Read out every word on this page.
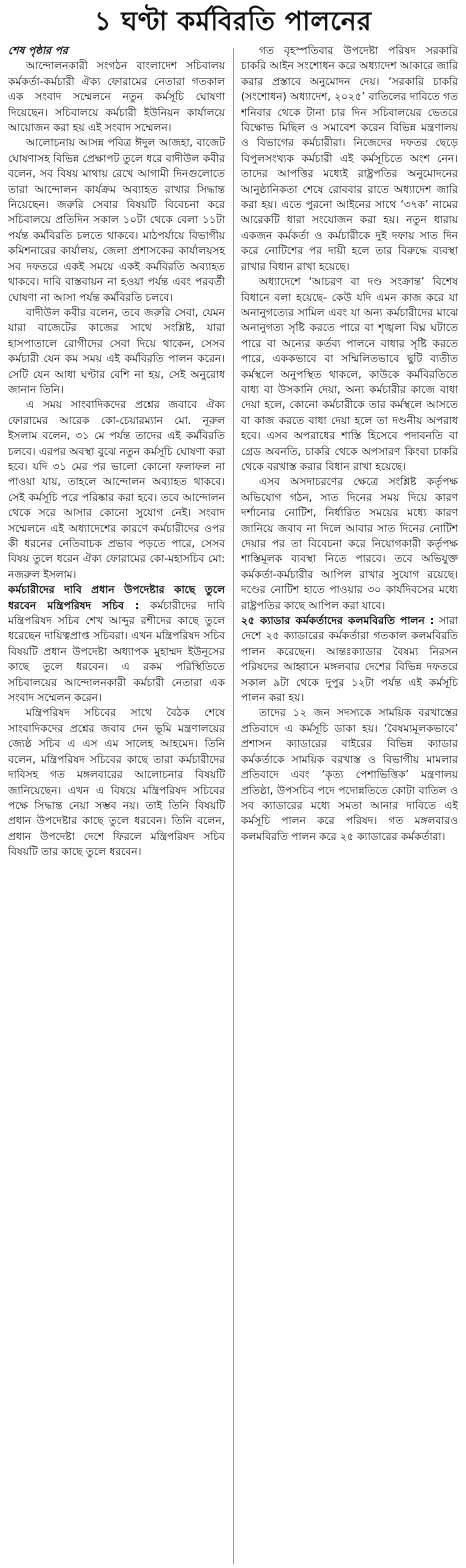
১ ঘণ্টা কর্মবিরতি পালনের
শেষ পৃষ্ঠার পর

আন্দোলনকারী সংগঠন বাংলাদেশ সচিবালয় কর্মকর্তা-কর্মচারী ঐক্য ফোরামের নেতারা গতকাল এক সংবাদ সম্মেলনে নতুন কর্মসূচি ঘোষণা দিয়েছেন। সচিবালয়ে কর্মচারী ইউনিয়ন কার্যালয়ে আয়োজন করা হয় এই সংবাদ সম্মেলন।

আলোচনায় আসন্ন পবিত্র ঈদুল আজহা, বাজেট ঘোষণাসহ বিভিন্ন প্রেক্ষাপট তুলে ধরে বাদীউল কবীর বলেন, সব বিষয় মাথায় রেখে আগামী দিনগুলোতে তারা আন্দোলন কার্যক্রম অব্যাহত রাখার সিদ্ধান্ত নিয়েছেন। জরুরি সেবার বিষয়টি বিবেচনা করে সচিবালয়ে প্রতিদিন সকাল ১০টা থেকে বেলা ১১টা পর্যন্ত কর্মবিরতি চলতে থাকবে। মাঠপর্যায়ে বিভাগীয় কমিশনারের কার্যালয়, জেলা প্রশাসকের কার্যালয়সহ সব দফতরে একই সময়ে একই কর্মবিরতি অব্যাহত থাকবে। দাবি বাস্তবায়ন না হওয়া পর্যন্ত এবং পরবর্তী ঘোষণা না আসা পর্যন্ত কর্মবিরতি চলবে।

বাদীউল কবীর বলেন, তবে জরুরি সেবা, যেমন যারা বাজেটের কাজের সাথে সংশ্লিষ্ট, যারা হাসপাতালে রোগীদের সেবা দিয়ে থাকেন, সেসব কর্মচারী যেন কম সময় এই কর্মবিরতি পালন করেন। সেটি যেন আধা ঘণ্টার বেশি না হয়, সেই অনুরোধ জানান তিনি।

এ সময় সাংবাদিকদের প্রশ্নের জবাবে ঐক্য ফোরামের আরেক কো-চেয়ারম্যান মো. নূরুল ইসলাম বলেন, ৩১ মে পর্যন্ত তাদের এই কর্মবিরতি চলবে। এরপর অবস্থা বুঝে নতুন কর্মসূচি ঘোষণা করা হবে। যদি ৩১ মের পর ভালো কোনো ফলাফল না পাওয়া যায়, তাহলে আন্দোলন অব্যাহত থাকবে। সেই কর্মসূচি পরে পরিষ্কার করা হবে। তবে আন্দোলন থেকে সরে আসার কোনো সুযোগ নেই। সংবাদ সম্মেলনে এই অধ্যাদেশের কারণে কর্মচারীদের ওপর কী ধরনের নেতিবাচক প্রভাব পড়তে পারে, সেসব বিষয় তুলে ধরেন ঐক্য ফোরামের কো-মহাসচিব মো: নজরুল ইসলাম।

কর্মচারীদের দাবি প্রধান উপদেষ্টার কাছে তুলে ধরবেন মন্ত্রিপরিষদ সচিব : কর্মচারীদের দাবি মন্ত্রিপরিষদ সচিব শেখ আব্দুর রশীদের কাছে তুলে ধরেছেন দায়িত্বপ্রাপ্ত সচিবরা। এখন মন্ত্রিপরিষদ সচিব বিষয়টি প্রধান উপদেষ্টা অধ্যাপক মুহাম্মদ ইউনূসের কাছে তুলে ধরবেন। এ রকম পরিস্থিতিতে সচিবালয়ের আন্দোলনকারী কর্মচারী নেতারা এক সংবাদ সম্মেলন করেন।

মন্ত্রিপরিষদ সচিবের সাথে বৈঠক শেষে সাংবাদিকদের প্রশ্নের জবাব দেন ভূমি মন্ত্রণালয়ের জ্যেষ্ঠ সচিব এ এস এম সালেহ আহমেদ। তিনি বলেন, মন্ত্রিপরিষদ সচিবের কাছে তারা কর্মচারীদের দাবিসহ গত মঙ্গলবারের আলোচনার বিষয়টি জানিয়েছেন। এখন এ বিষয়ে মন্ত্রিপরিষদ সচিবের পক্ষে সিদ্ধান্ত নেয়া সম্ভব নয়। তাই তিনি বিষয়টি প্রধান উপদেষ্টার কাছে তুলে ধরবেন। তিনি বলেন, প্রধান উপদেষ্টা দেশে ফিরলে মন্ত্রিপরিষদ সচিব বিষয়টি তার কাছে তুলে ধরবেন।

গত বৃহস্পতিবার উপদেষ্টা পরিষদ সরকারি চাকরি আইন সংশোধন করে অধ্যাদেশ আকারে জারি করার প্রস্তাবে অনুমোদন দেয়। ‘সরকারি চাকরি (সংশোধন) অধ্যাদেশ, ২০২৫’ বাতিলের দাবিতে গত শনিবার থেকে টানা চার দিন সচিবালয়ের ভেতরে বিক্ষোভ মিছিল ও সমাবেশ করেন বিভিন্ন মন্ত্রণালয় ও বিভাগের কর্মচারীরা। নিজেদের দফতর ছেড়ে বিপুলসংখ্যক কর্মচারী এই কর্মসূচিতে অংশ নেন। তাদের আপত্তির মধ্যেই রাষ্ট্রপতির অনুমোদনের আনুষ্ঠানিকতা শেষে রোববার রাতে অধ্যাদেশ জারি করা হয়। এতে পুরনো আইনের সাথে ‘৩৭ক’ নামের আরেকটি ধারা সংযোজন করা হয়। নতুন ধারায় একজন কর্মকর্তা ও কর্মচারীকে দুই দফায় সাত দিন করে নোটিশের পর দায়ী হলে তার বিরুদ্ধে ব্যবস্থা রাখার বিধান রাখা হয়েছে।

অধ্যাদেশে ‘আচরণ বা দণ্ড সংক্রান্ত’ বিশেষ বিধানে বলা হয়েছে- কেউ যদি এমন কাজ করে যা অনানুগত্যের সামিল এবং যা অন্য কর্মচারীদের মাঝে অনানুগত্য সৃষ্টি করতে পারে বা শৃঙ্খলা বিঘ্ন ঘটাতে পারে বা অন্যের কর্তব্য পালনে বাধার সৃষ্টি করতে পারে, এককভাবে বা সম্মিলিতভাবে ছুটি ব্যতীত কর্মস্থলে অনুপস্থিত থাকলে, কাউকে কর্মবিরতিতে বাধ্য বা উসকানি দেয়া, অন্য কর্মচারীর কাজে বাধা দেয়া হলে, কোনো কর্মচারীকে তার কর্মস্থলে আসতে বা কাজ করতে বাধা দেয়া হলে তা দণ্ডনীয় অপরাধ হবে। এসব অপরাধের শাস্তি হিসেবে পদাবনতি বা গ্রেড অবনতি, চাকরি থেকে অপসারণ কিংবা চাকরি থেকে বরখাস্ত করার বিধান রাখা হয়েছে।

এসব অসদাচরণের ক্ষেত্রে সংশ্লিষ্ট কর্তৃপক্ষ অভিযোগ গঠন, সাত দিনের সময় দিয়ে কারণ দর্শানোর নোটিশ, নির্ধারিত সময়ের মধ্যে কারণ জানিয়ে জবাব না দিলে আবার সাত দিনের নোটিশ দেয়ার পর তা বিবেচনা করে নিয়োগকারী কর্তৃপক্ষ শাস্তিমূলক ব্যবস্থা নিতে পারবে। তবে অভিযুক্ত কর্মকর্তা-কর্মচারীর আপিল রাখার সুযোগ রয়েছে। দণ্ডের নোটিশ হাতে পাওয়ার ৩০ কার্যদিবসের মধ্যে রাষ্ট্রপতির কাছে আপিল করা যাবে।

২৫ ক্যাডার কর্মকর্তাদের কলমবিরতি পালন : সারা দেশে ২৫ ক্যাডারের কর্মকর্তারা গতকাল কলমবিরতি পালন করেছেন। আন্তঃক্যাডার বৈষম্য নিরসন পরিষদের আহ্বানে মঙ্গলবার দেশের বিভিন্ন দফতরে সকাল ৯টা থেকে দুপুর ১২টা পর্যন্ত এই কর্মসূচি পালন করা হয়।

তাদের ১২ জন সদস্যকে সাময়িক বরখাস্তের প্রতিবাদে এ কর্মসূচি ডাকা হয়। ‘বৈষম্যমূলকভাবে’ প্রশাসন ক্যাডারের বাইরের বিভিন্ন ক্যাডার কর্মকর্তাকে সাময়িক বরখাস্ত ও বিভাগীয় মামলার প্রতিবাদে এবং ‘কৃত্য পেশাভিত্তিক’ মন্ত্রণালয় প্রতিষ্ঠা, উপসচিব পদে পদোন্নতিতে কোটা বাতিল ও সব ক্যাডারের মধ্যে সমতা আনার দাবিতে এই কর্মসূচি পালন করে পরিষদ। গত মঙ্গলবারও কলমবিরতি পালন করে ২৫ ক্যাডারের কর্মকর্তারা।
